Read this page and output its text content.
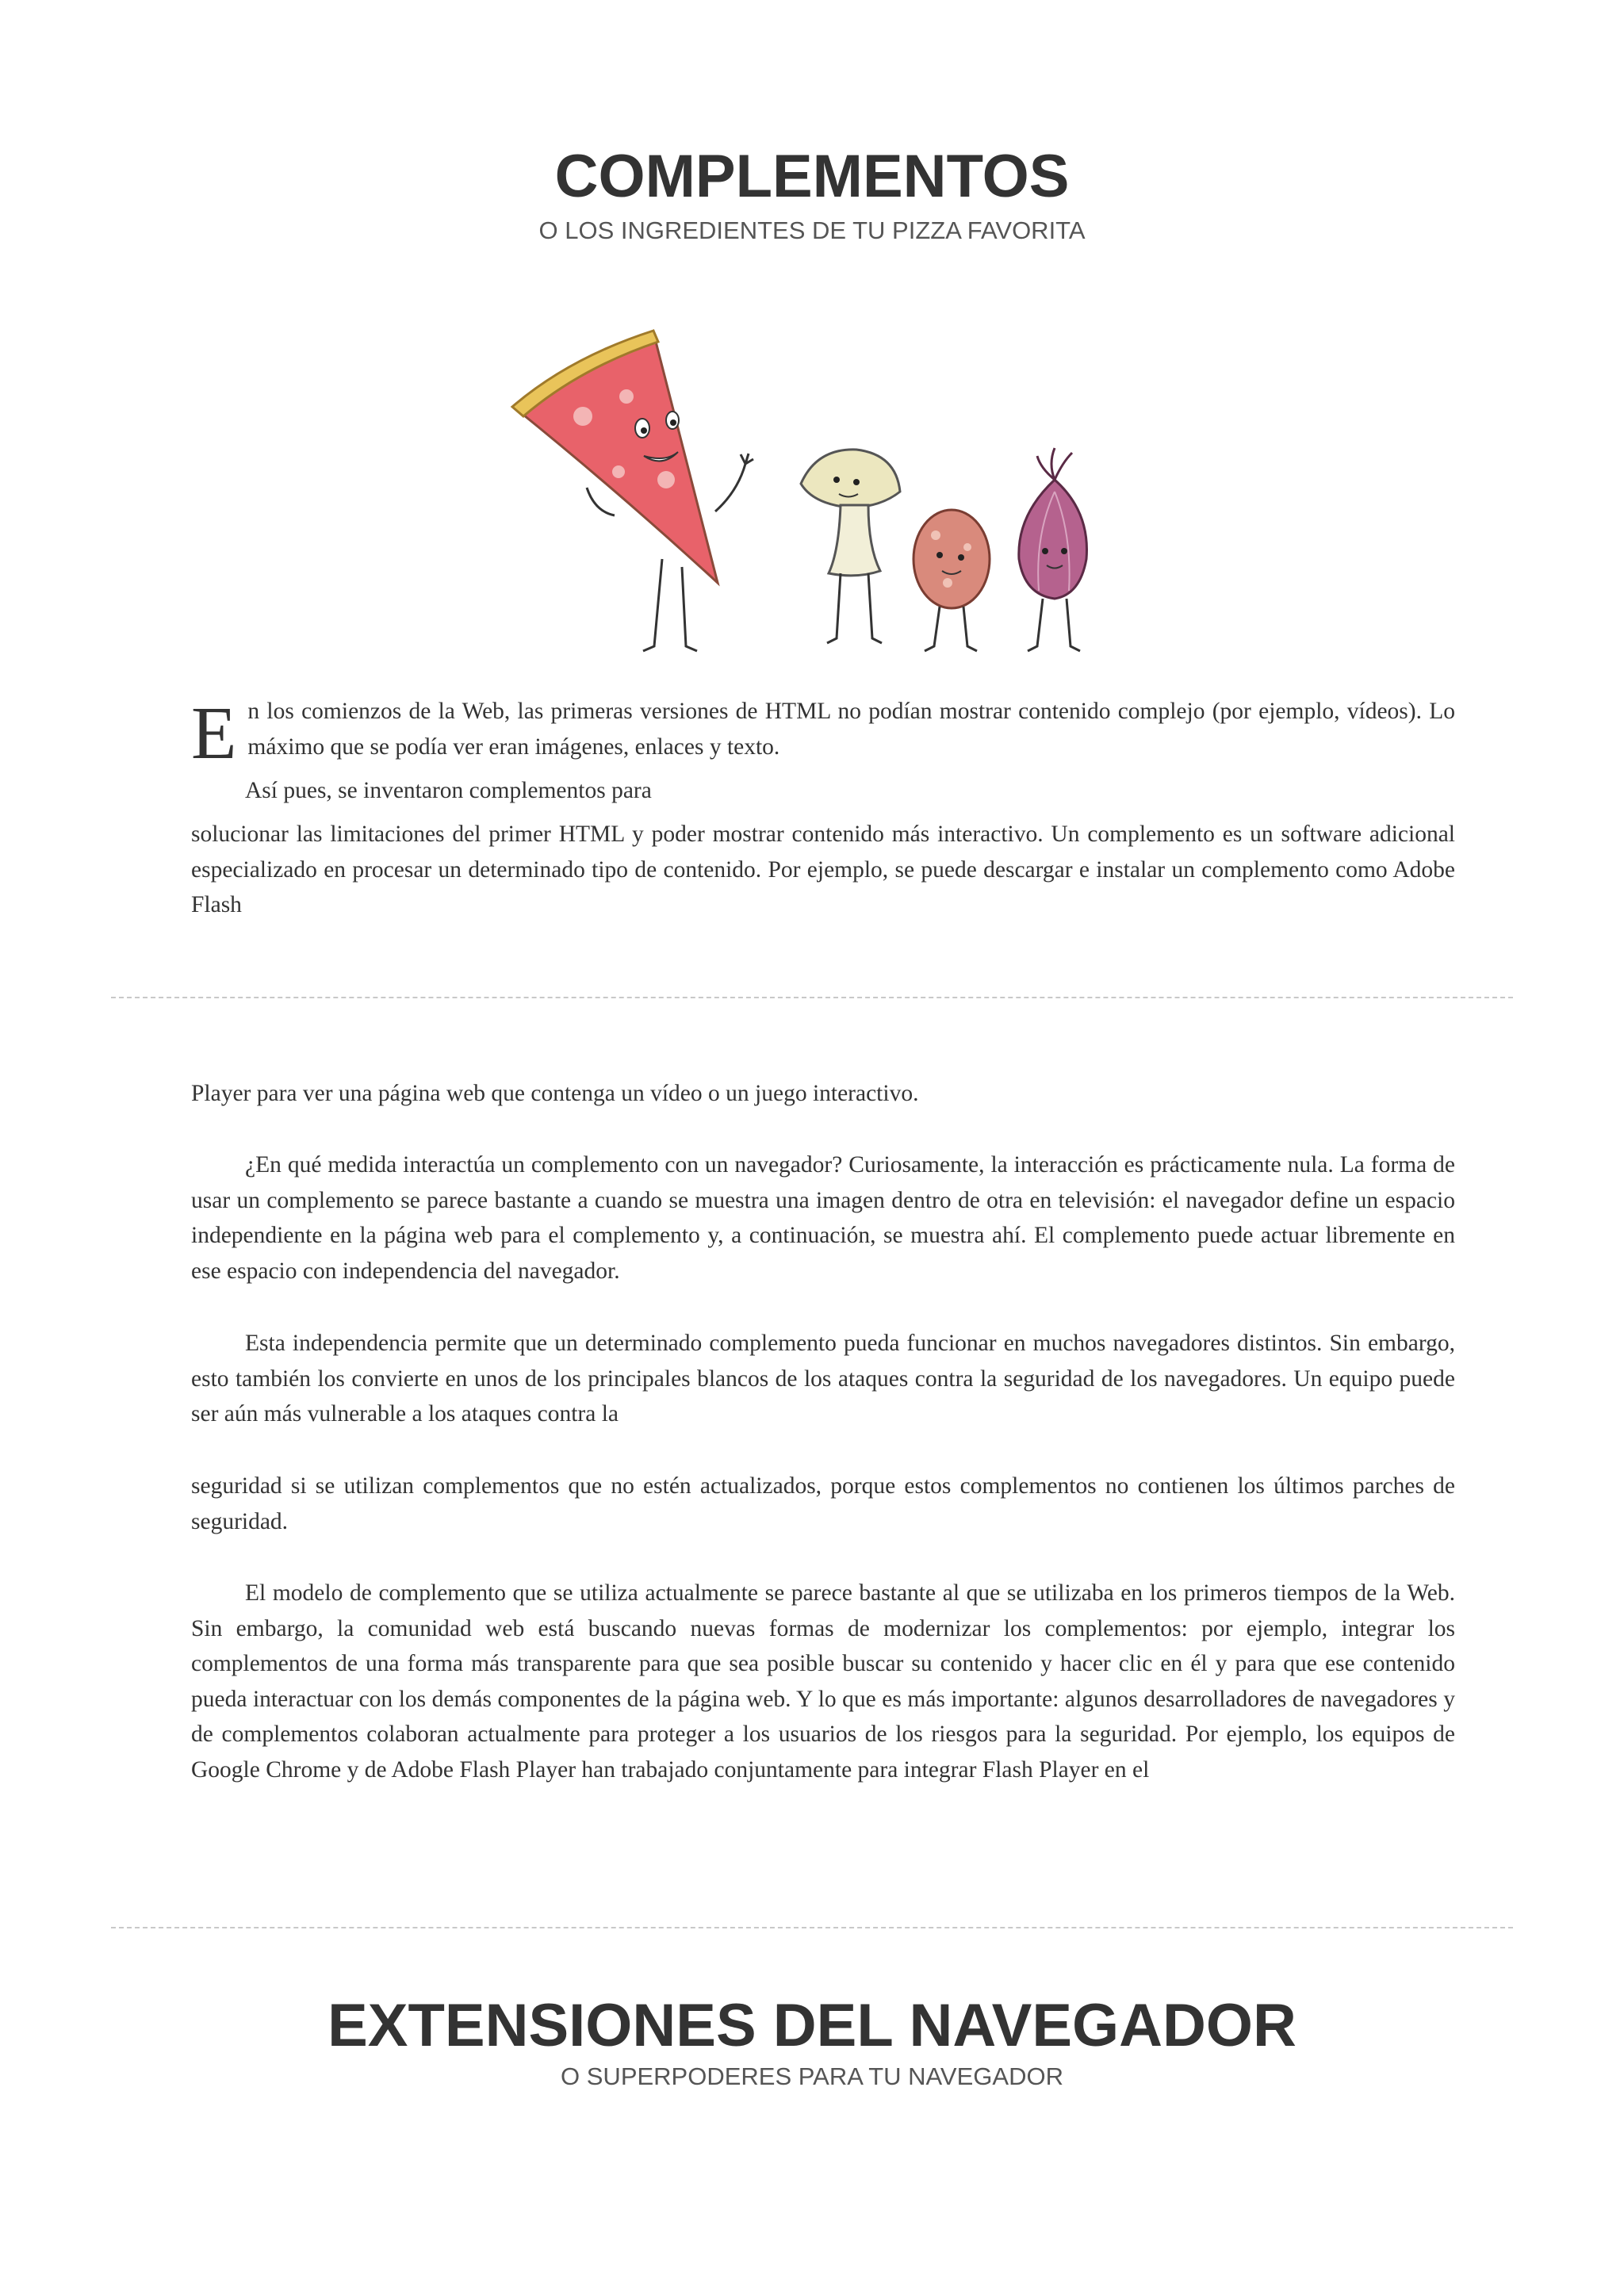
COMPLEMENTOS
O LOS INGREDIENTES DE TU PIZZA FAVORITA

En los comienzos de la Web, las primeras versiones de HTML no podían mostrar contenido complejo (por ejemplo, vídeos). Lo máximo que se podía ver eran imágenes, enlaces y texto.

Así pues, se inventaron complementos para

solucionar las limitaciones del primer HTML y poder mostrar contenido más interactivo. Un complemento es un software adicional especializado en procesar un determinado tipo de contenido. Por ejemplo, se puede descargar e instalar un complemento como Adobe Flash

Player para ver una página web que contenga un vídeo o un juego interactivo.

¿En qué medida interactúa un complemento con un navegador? Curiosamente, la interacción es prácticamente nula. La forma de usar un complemento se parece bastante a cuando se muestra una imagen dentro de otra en televisión: el navegador define un espacio independiente en la página web para el complemento y, a continuación, se muestra ahí. El complemento puede actuar libremente en ese espacio con independencia del navegador.

Esta independencia permite que un determinado complemento pueda funcionar en muchos navegadores distintos. Sin embargo, esto también los convierte en unos de los principales blancos de los ataques contra la seguridad de los navegadores. Un equipo puede ser aún más vulnerable a los ataques contra la

seguridad si se utilizan complementos que no estén actualizados, porque estos complementos no contienen los últimos parches de seguridad.

El modelo de complemento que se utiliza actualmente se parece bastante al que se utilizaba en los primeros tiempos de la Web. Sin embargo, la comunidad web está buscando nuevas formas de modernizar los complementos: por ejemplo, integrar los complementos de una forma más transparente para que sea posible buscar su contenido y hacer clic en él y para que ese contenido pueda interactuar con los demás componentes de la página web. Y lo que es más importante: algunos desarrolladores de navegadores y de complementos colaboran actualmente para proteger a los usuarios de los riesgos para la seguridad. Por ejemplo, los equipos de Google Chrome y de Adobe Flash Player han trabajado conjuntamente para integrar Flash Player en el

EXTENSIONES DEL NAVEGADOR
O SUPERPODERES PARA TU NAVEGADOR
